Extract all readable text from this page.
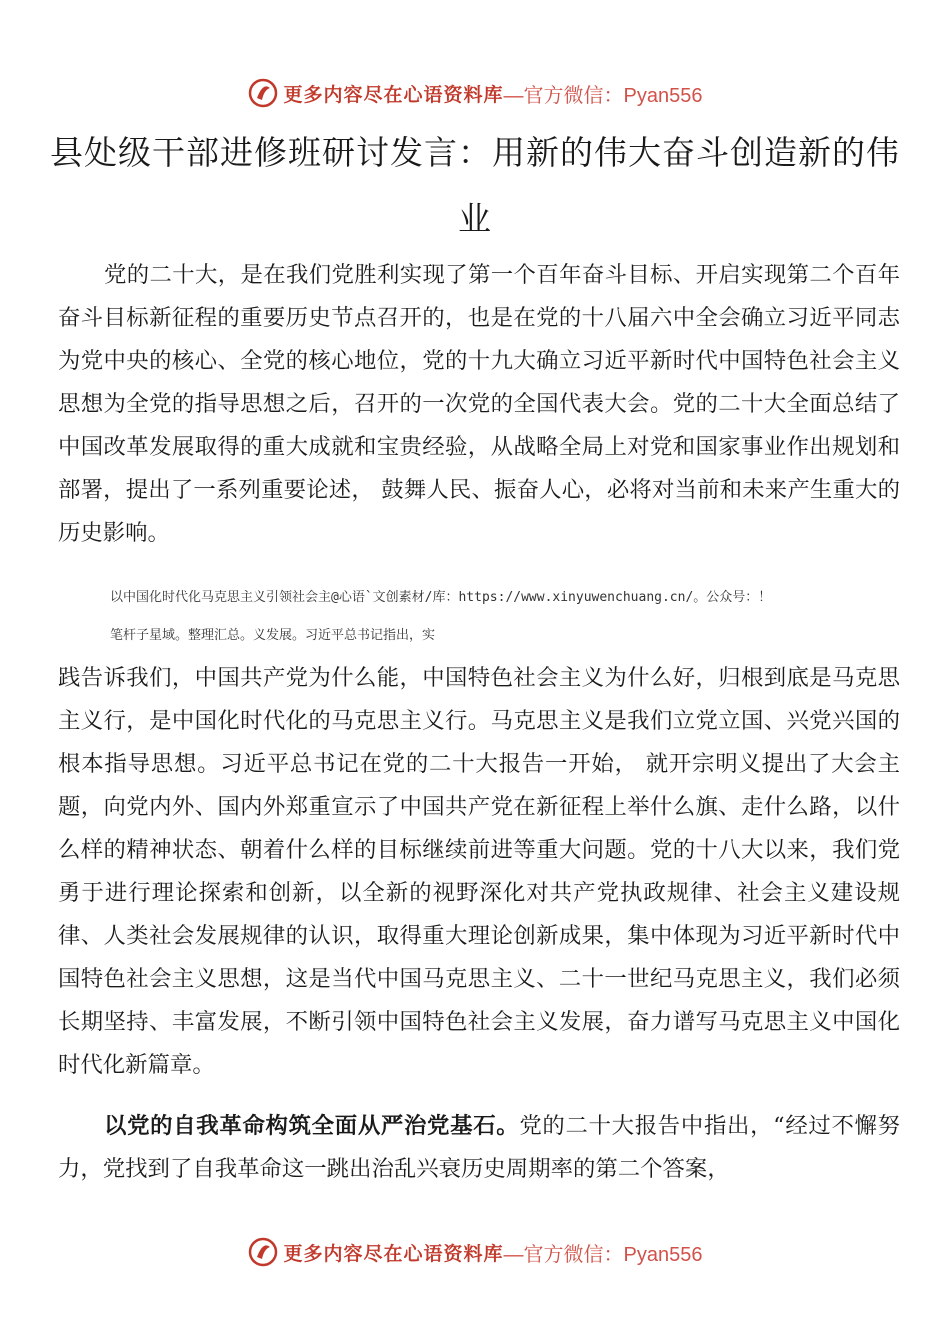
更多内容尽在心语资料库 —官方微信：Pyan556
县处级干部进修班研讨发言：用新的伟大奋斗创造新的伟业

党的二十大，是在我们党胜利实现了第一个百年奋斗目标、开启实现第二个百年奋斗目标新征程的重要历史节点召开的，也是在党的十八届六中全会确立习近平同志为党中央的核心、全党的核心地位，党的十九大确立习近平新时代中国特色社会主义思想为全党的指导思想之后，召开的一次党的全国代表大会。党的二十大全面总结了中国改革发展取得的重大成就和宝贵经验，从战略全局上对党和国家事业作出规划和部署，提出了一系列重要论述， 鼓舞人民、振奋人心，必将对当前和未来产生重大的历史影响。

以中国化时代化马克思主义引领社会主@心语`文创素材/库：https://www.xinyuwenchuang.cn/。公众号：！
笔杆子星域。整理汇总。义发展。习近平总书记指出，实

践告诉我们，中国共产党为什么能，中国特色社会主义为什么好，归根到底是马克思主义行，是中国化时代化的马克思主义行。马克思主义是我们立党立国、兴党兴国的根本指导思想。习近平总书记在党的二十大报告一开始， 就开宗明义提出了大会主题，向党内外、国内外郑重宣示了中国共产党在新征程上举什么旗、走什么路，以什么样的精神状态、朝着什么样的目标继续前进等重大问题。党的十八大以来，我们党勇于进行理论探索和创新，以全新的视野深化对共产党执政规律、社会主义建设规律、人类社会发展规律的认识，取得重大理论创新成果，集中体现为习近平新时代中国特色社会主义思想，这是当代中国马克思主义、二十一世纪马克思主义，我们必须长期坚持、丰富发展，不断引领中国特色社会主义发展，奋力谱写马克思主义中国化时代化新篇章。

以党的自我革命构筑全面从严治党基石。党的二十大报告中指出，“经过不懈努力，党找到了自我革命这一跳出治乱兴衰历史周期率的第二个答案，

更多内容尽在心语资料库 —官方微信：Pyan556
